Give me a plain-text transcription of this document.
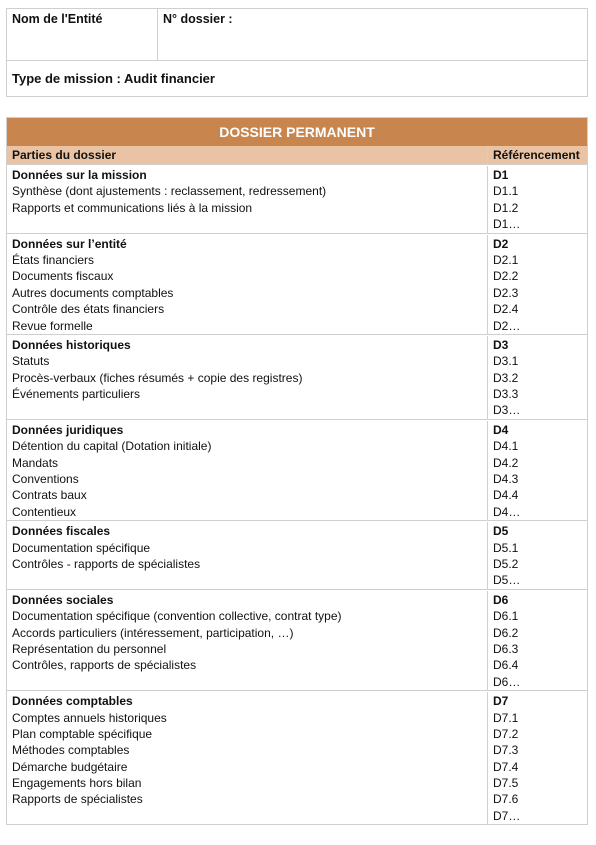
Nom de l'Entité	N° dossier :
Type de mission : Audit financier
DOSSIER PERMANENT
Parties du dossier	Référencement
Données sur la mission
Synthèse (dont ajustements : reclassement, redressement)
Rapports et communications liés à la mission
D1
D1.1
D1.2
D1…
Données sur l’entité
États financiers
Documents fiscaux
Autres documents comptables
Contrôle des états financiers
Revue formelle
D2
D2.1
D2.2
D2.3
D2.4
D2…
Données historiques
Statuts
Procès-verbaux (fiches résumés + copie des registres)
Événements particuliers
D3
D3.1
D3.2
D3.3
D3…
Données juridiques
Détention du capital (Dotation initiale)
Mandats
Conventions
Contrats baux
Contentieux
D4
D4.1
D4.2
D4.3
D4.4
D4…
Données fiscales
Documentation spécifique
Contrôles - rapports de spécialistes
D5
D5.1
D5.2
D5…
Données sociales
Documentation spécifique (convention collective, contrat type)
Accords particuliers (intéressement, participation, …)
Représentation du personnel
Contrôles, rapports de spécialistes
D6
D6.1
D6.2
D6.3
D6.4
D6…
Données comptables
Comptes annuels historiques
Plan comptable spécifique
Méthodes comptables
Démarche budgétaire
Engagements hors bilan
Rapports de spécialistes
D7
D7.1
D7.2
D7.3
D7.4
D7.5
D7.6
D7…
